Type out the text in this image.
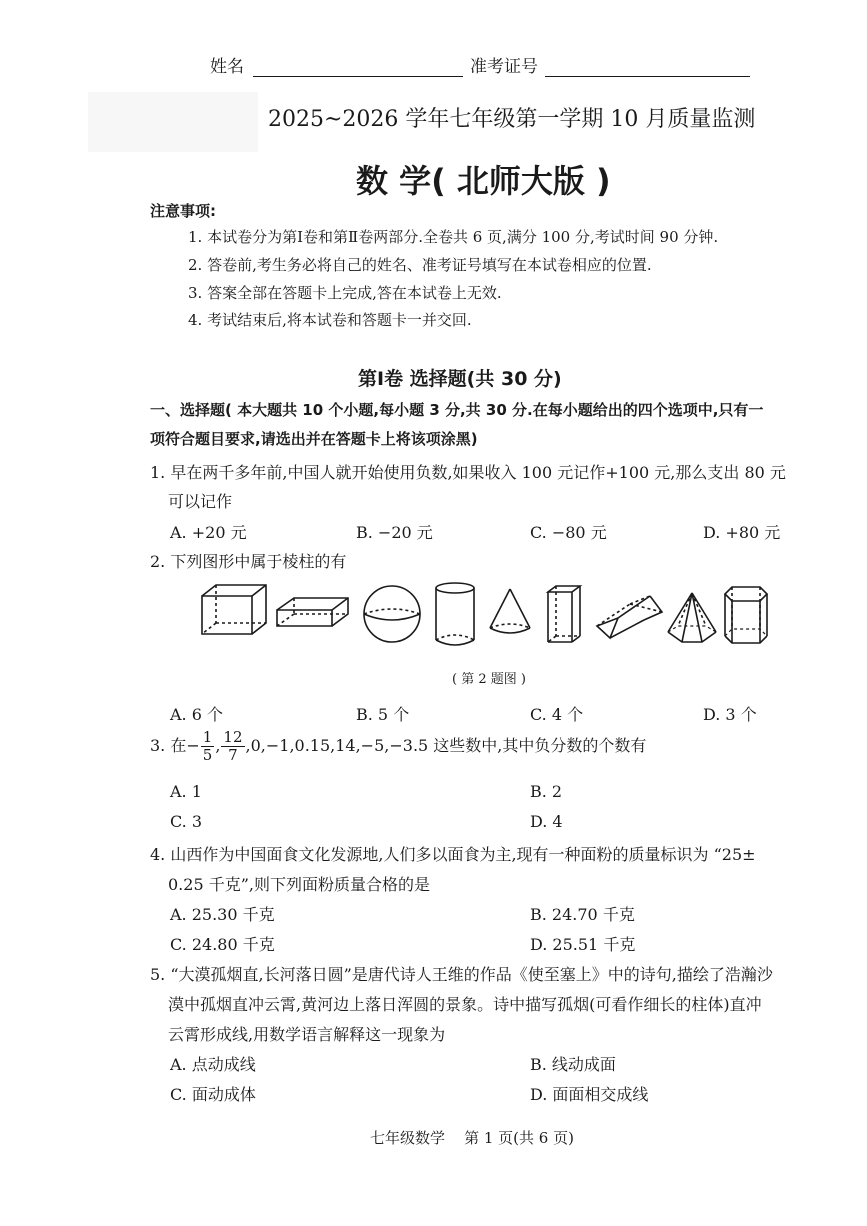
姓名	准考证号
2025~2026 学年七年级第一学期 10 月质量监测
数 学( 北师大版 )
注意事项:
1. 本试卷分为第Ⅰ卷和第Ⅱ卷两部分.全卷共 6 页,满分 100 分,考试时间 90 分钟.
2. 答卷前,考生务必将自己的姓名、准考证号填写在本试卷相应的位置.
3. 答案全部在答题卡上完成,答在本试卷上无效.
4. 考试结束后,将本试卷和答题卡一并交回.
第Ⅰ卷 选择题(共 30 分)
一、选择题( 本大题共 10 个小题,每小题 3 分,共 30 分.在每小题给出的四个选项中,只有一
项符合题目要求,请选出并在答题卡上将该项涂黑)
1. 早在两千多年前,中国人就开始使用负数,如果收入 100 元记作+100 元,那么支出 80 元
可以记作
A. +20 元	B. −20 元	C. −80 元	D. +80 元
2. 下列图形中属于棱柱的有
( 第 2 题图 )
A. 6 个	B. 5 个	C. 4 个	D. 3 个
3. 在− $\frac{1}{5}$ , $\frac{12}{7} ,0,-1,0.15,14,-5,-3.5$ 这些数中,其中负分数的个数有
A. 1	B. 2
C. 3	D. 4
4. 山西作为中国面食文化发源地,人们多以面食为主,现有一种面粉的质量标识为 “25±
0.25 千克”,则下列面粉质量合格的是
A. 25.30 千克	B. 24.70 千克
C. 24.80 千克	D. 25.51 千克
5. “大漠孤烟直,长河落日圆”是唐代诗人王维的作品《使至塞上》中的诗句,描绘了浩瀚沙
漠中孤烟直冲云霄,黄河边上落日浑圆的景象。诗中描写孤烟(可看作细长的柱体)直冲
云霄形成线,用数学语言解释这一现象为
A. 点动成线	B. 线动成面
C. 面动成体	D. 面面相交成线
七年级数学    第 1 页(共 6 页)
